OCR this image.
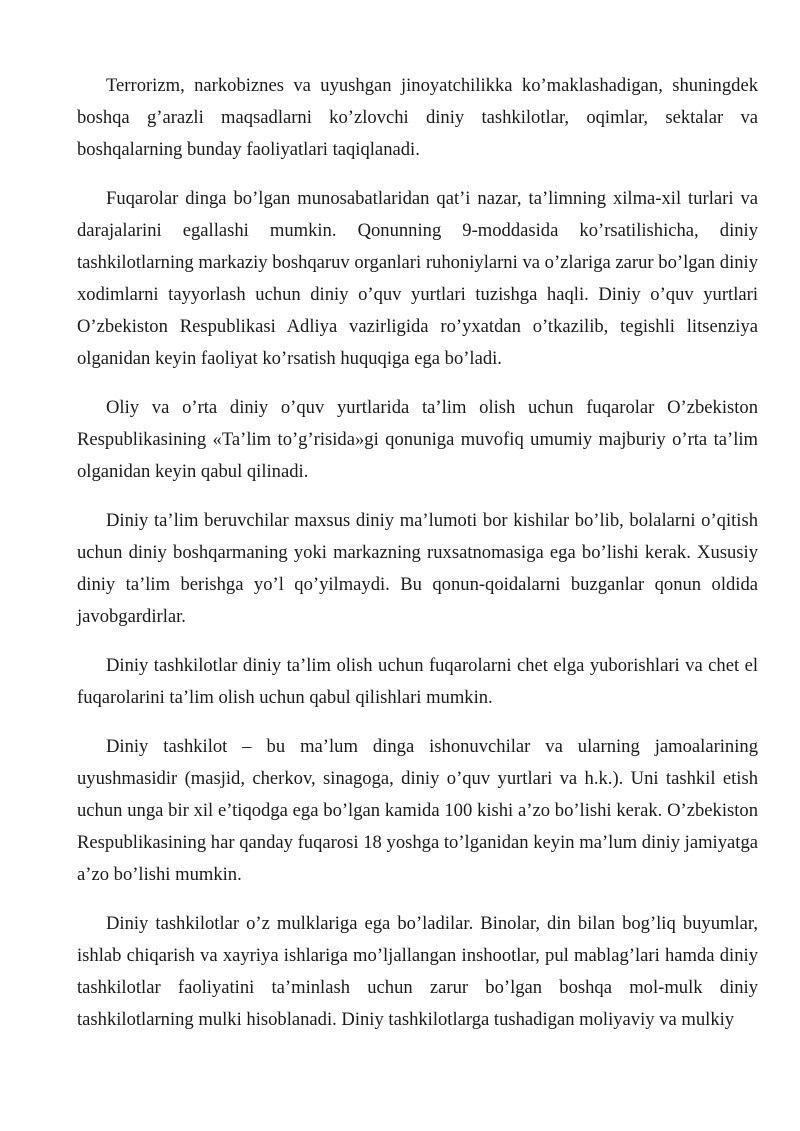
Terrorizm, narkobiznes va uyushgan jinoyatchilikka ko’maklashadigan, shuningdek boshqa g’arazli maqsadlarni ko’zlovchi diniy tashkilotlar, oqimlar, sektalar va boshqalarning bunday faoliyatlari taqiqlanadi.

Fuqarolar dinga bo’lgan munosabatlaridan qat’i nazar, ta’limning xilma-xil turlari va darajalarini egallashi mumkin. Qonunning 9-moddasida ko’rsatilishicha, diniy tashkilotlarning markaziy boshqaruv organlari ruhoniylarni va o’zlariga zarur bo’lgan diniy xodimlarni tayyorlash uchun diniy o’quv yurtlari tuzishga haqli. Diniy o’quv yurtlari O’zbekiston Respublikasi Adliya vazirligida ro’yxatdan o’tkazilib, tegishli litsenziya olganidan keyin faoliyat ko’rsatish huquqiga ega bo’ladi.

Oliy va o’rta diniy o’quv yurtlarida ta’lim olish uchun fuqarolar O’zbekiston Respublikasining «Ta’lim to’g’risida»gi qonuniga muvofiq umumiy majburiy o’rta ta’lim olganidan keyin qabul qilinadi.

Diniy ta’lim beruvchilar maxsus diniy ma’lumoti bor kishilar bo’lib, bolalarni o’qitish uchun diniy boshqarmaning yoki markazning ruxsatnomasiga ega bo’lishi kerak. Xususiy diniy ta’lim berishga yo’l qo’yilmaydi. Bu qonun-qoidalarni buzganlar qonun oldida javobgardirlar.

Diniy tashkilotlar diniy ta’lim olish uchun fuqarolarni chet elga yuborishlari va chet el fuqarolarini ta’lim olish uchun qabul qilishlari mumkin.

Diniy tashkilot – bu ma’lum dinga ishonuvchilar va ularning jamoalarining uyushmasidir (masjid, cherkov, sinagoga, diniy o’quv yurtlari va h.k.). Uni tashkil etish uchun unga bir xil e’tiqodga ega bo’lgan kamida 100 kishi a’zo bo’lishi kerak. O’zbekiston Respublikasining har qanday fuqarosi 18 yoshga to’lganidan keyin ma’lum diniy jamiyatga a’zo bo’lishi mumkin.

Diniy tashkilotlar o’z mulklariga ega bo’ladilar. Binolar, din bilan bog’liq buyumlar, ishlab chiqarish va xayriya ishlariga mo’ljallangan inshootlar, pul mablag’lari hamda diniy tashkilotlar faoliyatini ta’minlash uchun zarur bo’lgan boshqa mol-mulk diniy tashkilotlarning mulki hisoblanadi. Diniy tashkilotlarga tushadigan moliyaviy va mulkiy
